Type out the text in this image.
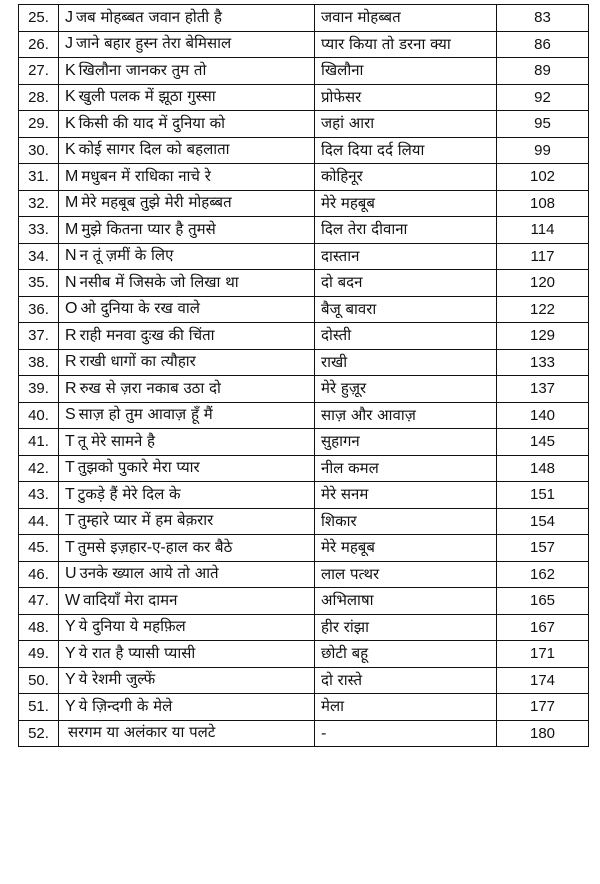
25.	J जब मोहब्बत जवान होती है	जवान मोहब्बत	83
26.	J जाने बहार हुस्न तेरा बेमिसाल	प्यार किया तो डरना क्या	86
27.	K खिलौना जानकर तुम तो	खिलौना	89
28.	K खुली पलक में झूठा गुस्सा	प्रोफेसर	92
29.	K किसी की याद में दुनिया को	जहां आरा	95
30.	K कोई सागर दिल को बहलाता	दिल दिया दर्द लिया	99
31.	M मधुबन में राधिका नाचे रे	कोहिनूर	102
32.	M मेरे महबूब तुझे मेरी मोहब्बत	मेरे महबूब	108
33.	M मुझे कितना प्यार है तुमसे	दिल तेरा दीवाना	114
34.	N न तूं ज़मीं के लिए	दास्तान	117
35.	N नसीब में जिसके जो लिखा था	दो बदन	120
36.	O ओ दुनिया के रख वाले	बैजू बावरा	122
37.	R राही मनवा दुःख की चिंता	दोस्ती	129
38.	R राखी धागों का त्यौहार	राखी	133
39.	R रुख से ज़रा नकाब उठा दो	मेरे हुज़ूर	137
40.	S साज़ हो तुम आवाज़ हूँ मैं	साज़ और आवाज़	140
41.	T तू मेरे सामने है	सुहागन	145
42.	T तुझको पुकारे मेरा प्यार	नील कमल	148
43.	T टुकड़े हैं मेरे दिल के	मेरे सनम	151
44.	T तुम्हारे प्यार में हम बेक़रार	शिकार	154
45.	T तुमसे इज़हार-ए-हाल कर बैठे	मेरे महबूब	157
46.	U उनके ख्याल आये तो आते	लाल पत्थर	162
47.	W वादियाँ मेरा दामन	अभिलाषा	165
48.	Y ये दुनिया ये महफ़िल	हीर रांझा	167
49.	Y ये रात है प्यासी प्यासी	छोटी बहू	171
50.	Y ये रेशमी जुल्फें	दो रास्ते	174
51.	Y ये ज़िन्दगी के मेले	मेला	177
52.	सरगम या अलंकार या पलटे	-	180
